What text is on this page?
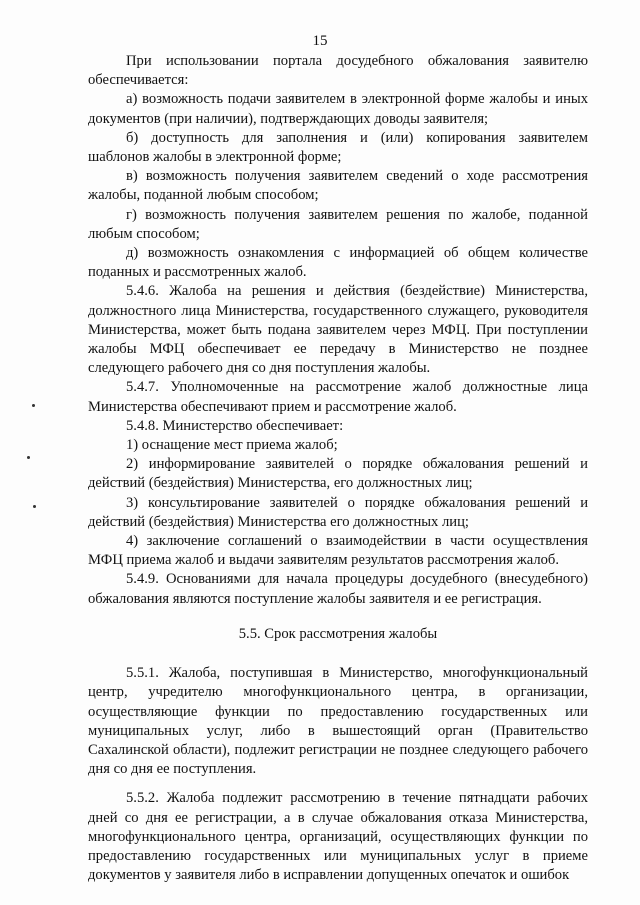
15

При использовании портала досудебного обжалования заявителю обеспечивается:

а) возможность подачи заявителем в электронной форме жалобы и иных документов (при наличии), подтверждающих доводы заявителя;

б) доступность для заполнения и (или) копирования заявителем шаблонов жалобы в электронной форме;

в) возможность получения заявителем сведений о ходе рассмотрения жалобы, поданной любым способом;

г) возможность получения заявителем решения по жалобе, поданной любым способом;

д) возможность ознакомления с информацией об общем количестве поданных и рассмотренных жалоб.

5.4.6. Жалоба на решения и действия (бездействие) Министерства, должностного лица Министерства, государственного служащего, руководителя Министерства, может быть подана заявителем через МФЦ. При поступлении жалобы МФЦ обеспечивает ее передачу в Министерство не позднее следующего рабочего дня со дня поступления жалобы.

5.4.7. Уполномоченные на рассмотрение жалоб должностные лица Министерства обеспечивают прием и рассмотрение жалоб.

5.4.8. Министерство обеспечивает:

1) оснащение мест приема жалоб;

2) информирование заявителей о порядке обжалования решений и действий (бездействия) Министерства, его должностных лиц;

3) консультирование заявителей о порядке обжалования решений и действий (бездействия) Министерства его должностных лиц;

4) заключение соглашений о взаимодействии в части осуществления МФЦ приема жалоб и выдачи заявителям результатов рассмотрения жалоб.

5.4.9. Основаниями для начала процедуры досудебного (внесудебного) обжалования являются поступление жалобы заявителя и ее регистрация.

5.5. Срок рассмотрения жалобы

5.5.1. Жалоба, поступившая в Министерство, многофункциональный центр, учредителю многофункционального центра, в организации, осуществляющие функции по предоставлению государственных или муниципальных услуг, либо в вышестоящий орган (Правительство Сахалинской области), подлежит регистрации не позднее следующего рабочего дня со дня ее поступления.

5.5.2. Жалоба подлежит рассмотрению в течение пятнадцати рабочих дней со дня ее регистрации, а в случае обжалования отказа Министерства, многофункционального центра, организаций, осуществляющих функции по предоставлению государственных или муниципальных услуг в приеме документов у заявителя либо в исправлении допущенных опечаток и ошибок
